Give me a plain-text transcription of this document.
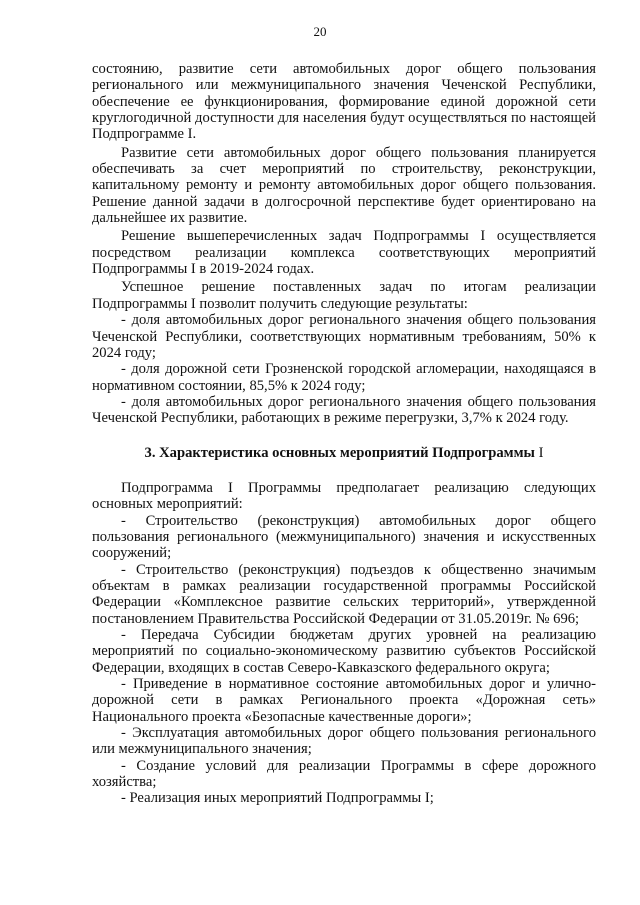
20

состоянию, развитие сети автомобильных дорог общего пользования регионального или межмуниципального значения Чеченской Республики, обеспечение ее функционирования, формирование единой дорожной сети круглогодичной доступности для населения будут осуществляться по настоящей Подпрограмме I.

Развитие сети автомобильных дорог общего пользования планируется обеспечивать за счет мероприятий по строительству, реконструкции, капитальному ремонту и ремонту автомобильных дорог общего пользования. Решение данной задачи в долгосрочной перспективе будет ориентировано на дальнейшее их развитие.

Решение вышеперечисленных задач Подпрограммы I осуществляется посредством реализации комплекса соответствующих мероприятий Подпрограммы I в 2019-2024 годах.

Успешное решение поставленных задач по итогам реализации Подпрограммы I позволит получить следующие результаты:

- доля автомобильных дорог регионального значения общего пользования Чеченской Республики, соответствующих нормативным требованиям, 50% к 2024 году;

- доля дорожной сети Грозненской городской агломерации, находящаяся в нормативном состоянии, 85,5% к 2024 году;

- доля автомобильных дорог регионального значения общего пользования Чеченской Республики, работающих в режиме перегрузки, 3,7% к 2024 году.

3. Характеристика основных мероприятий Подпрограммы I

Подпрограмма I Программы предполагает реализацию следующих основных мероприятий:

- Строительство (реконструкция) автомобильных дорог общего пользования регионального (межмуниципального) значения и искусственных сооружений;

- Строительство (реконструкция) подъездов к общественно значимым объектам в рамках реализации государственной программы Российской Федерации «Комплексное развитие сельских территорий», утвержденной постановлением Правительства Российской Федерации от 31.05.2019г. № 696;

- Передача Субсидии бюджетам других уровней на реализацию мероприятий по социально-экономическому развитию субъектов Российской Федерации, входящих в состав Северо-Кавказского федерального округа;

- Приведение в нормативное состояние автомобильных дорог и улично-дорожной сети в рамках Регионального проекта «Дорожная сеть» Национального проекта «Безопасные качественные дороги»;

- Эксплуатация автомобильных дорог общего пользования регионального или межмуниципального значения;

- Создание условий для реализации Программы в сфере дорожного хозяйства;

- Реализация иных мероприятий Подпрограммы I;
